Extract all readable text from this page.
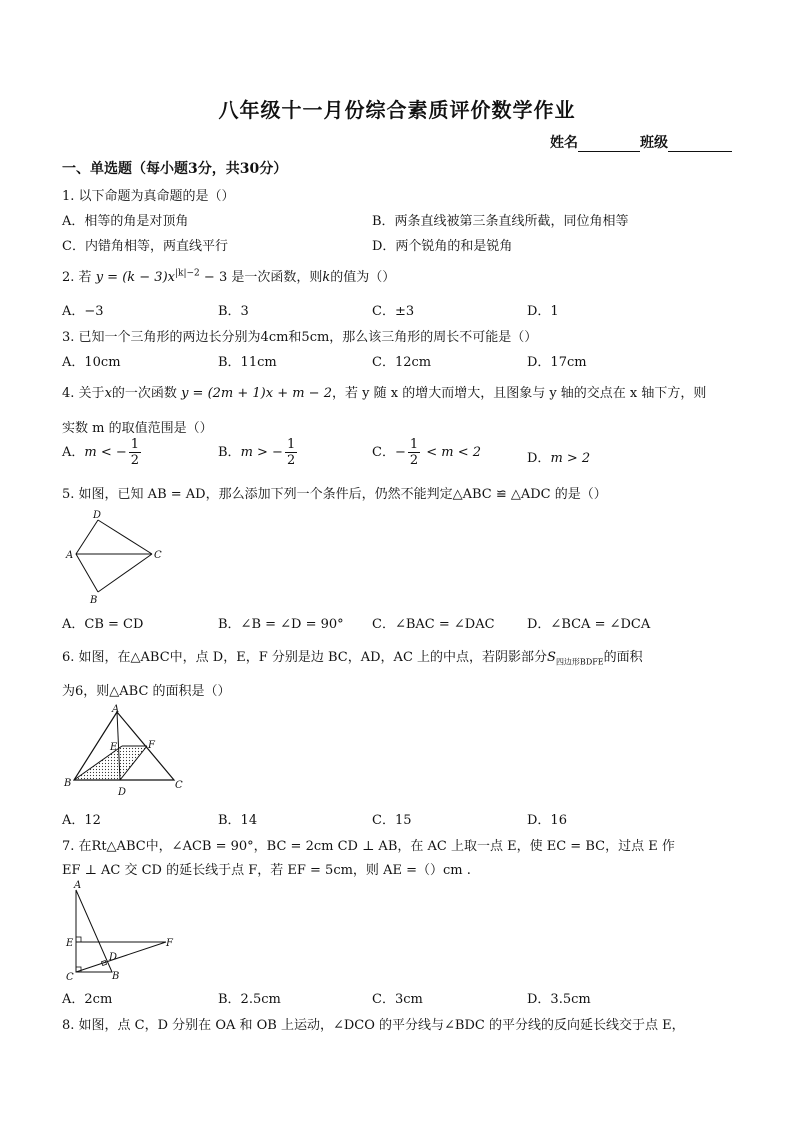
八年级十一月份综合素质评价数学作业
姓名	班级
一、单选题（每小题3分，共30分）
1. 以下命题为真命题的是（）
A．相等的角是对顶角	B．两条直线被第三条直线所截，同位角相等
C．内错角相等，两直线平行	D．两个锐角的和是锐角
2. 若 $y = (k - 3)x^{|k|-2} - 3$ 是一次函数，则k的值为（）
A．−3	B．3	C．±3	D．1
3. 已知一个三角形的两边长分别为4cm和5cm，那么该三角形的周长不可能是（）
A．10cm	B．11cm	C．12cm	D．17cm
4. 关于x的一次函数 y = (2m + 1)x + m − 2，若 y 随 x 的增大而增大，且图象与 y 轴的交点在 x 轴下方，则
实数 m 的取值范围是（）
A．m < − $\frac{1}{2}$	B．m > − $\frac{1}{2}$	C．− $\frac{1}{2} < m < 2$	D．m > 2
5. 如图，已知 AB = AD，那么添加下列一个条件后，仍然不能判定△ABC ≌ △ADC 的是（）
D
A	C
B
A．CB = CD	B．∠B = ∠D = 90° C．∠BAC = ∠DAC D．∠BCA = ∠DCA
6. 如图，在△ABC中，点 D，E，F 分别是边 BC，AD，AC 上的中点，若阴影部分$S_{四边形BDFE}$的面积
为6，则△ABC 的面积是（）
A
E	F
B
D
C
A．12	B．14	C．15	D．16
7. 在Rt△ABC中，∠ACB = 90°，BC = 2cm CD ⊥ AB，在 AC 上取一点 E，使 EC = BC，过点 E 作
EF ⊥ AC 交 CD 的延长线于点 F，若 EF = 5cm，则 AE =（）cm .
A
E	F
D
C	B
A．2cm	B．2.5cm	C．3cm	D．3.5cm
8. 如图，点 C，D 分别在 OA 和 OB 上运动，∠DCO 的平分线与∠BDC 的平分线的反向延长线交于点 E，
